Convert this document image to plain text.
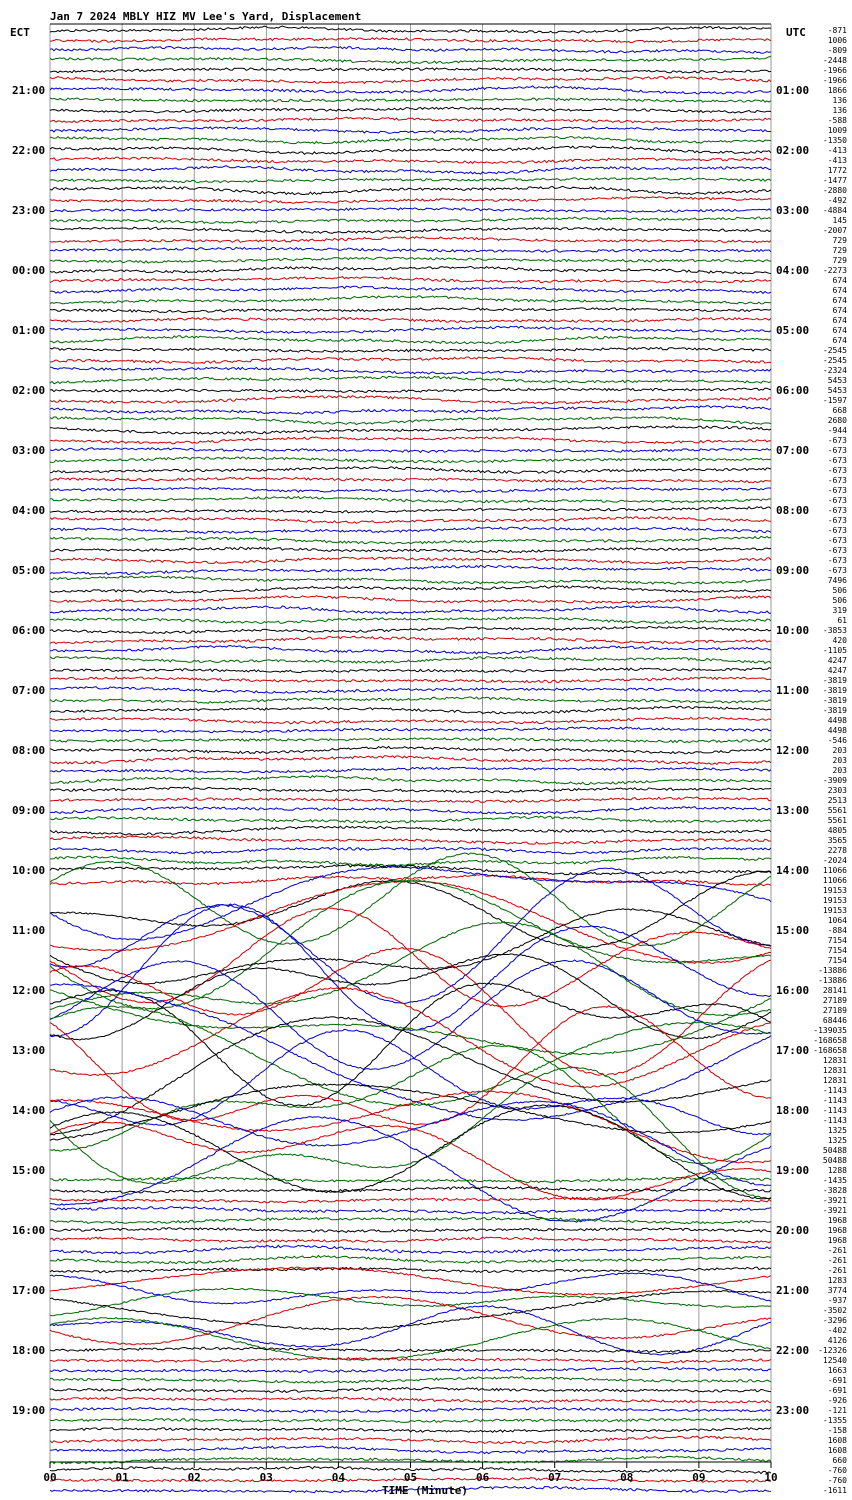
Jan 7 2024 MBLY HIZ MV Lee's Yard, Displacement
ECT	UTC
21:00
22:00
23:00
00:00
01:00
02:00
03:00
04:00
05:00
06:00
07:00
08:00
09:00
10:00
11:00
12:00
13:00
14:00
15:00
16:00
17:00
18:00
19:00
01:00
02:00
03:00
04:00
05:00
06:00
07:00
08:00
09:00
10:00
11:00
12:00
13:00
14:00
15:00
16:00
17:00
18:00
19:00
20:00
21:00
22:00
23:00
-871
1006
-809
-2448
-1966
-1966
1866
136
136
-588
1009
-1350
-413
-413
1772
-1477
-2880
-492
-4884
145
-2007
729
729
729
-2273
674
674
674
674
674
674
674
-2545
-2545
-2324
5453
5453
-1597
668
2680
-944
-673
-673
-673
-673
-673
-673
-673
-673
-673
-673
-673
-673
-673
-673
7496
506
506
319
61
-3853
420
-1105
4247
4247
-3819
-3819
-3819
-3819
4498
4498
-546
203
203
203
-3909
2303
2513
5561
5561
4805
3565
2278
-2024
11066
11066
19153
19153
19153
1064
-884
7154
7154
7154
-13886
-13886
28141
27189
27189
68446
-139035
-168658
-168658
12831
12831
12831
-1143
-1143
-1143
-1143
1325
1325
50488
50488
1288
-1435
-3828
-3921
-3921
1968
1968
1968
-261
-261
-261
1283
3774
-937
-3502
-3296
-402
4126
-12326
12540
1663
-691
-691
-926
-121
-1355
-158
1608
1608
660
-760
-760
-1611
00	01	02	03	04	05	06	07	08	09	10
TIME (Minute)
